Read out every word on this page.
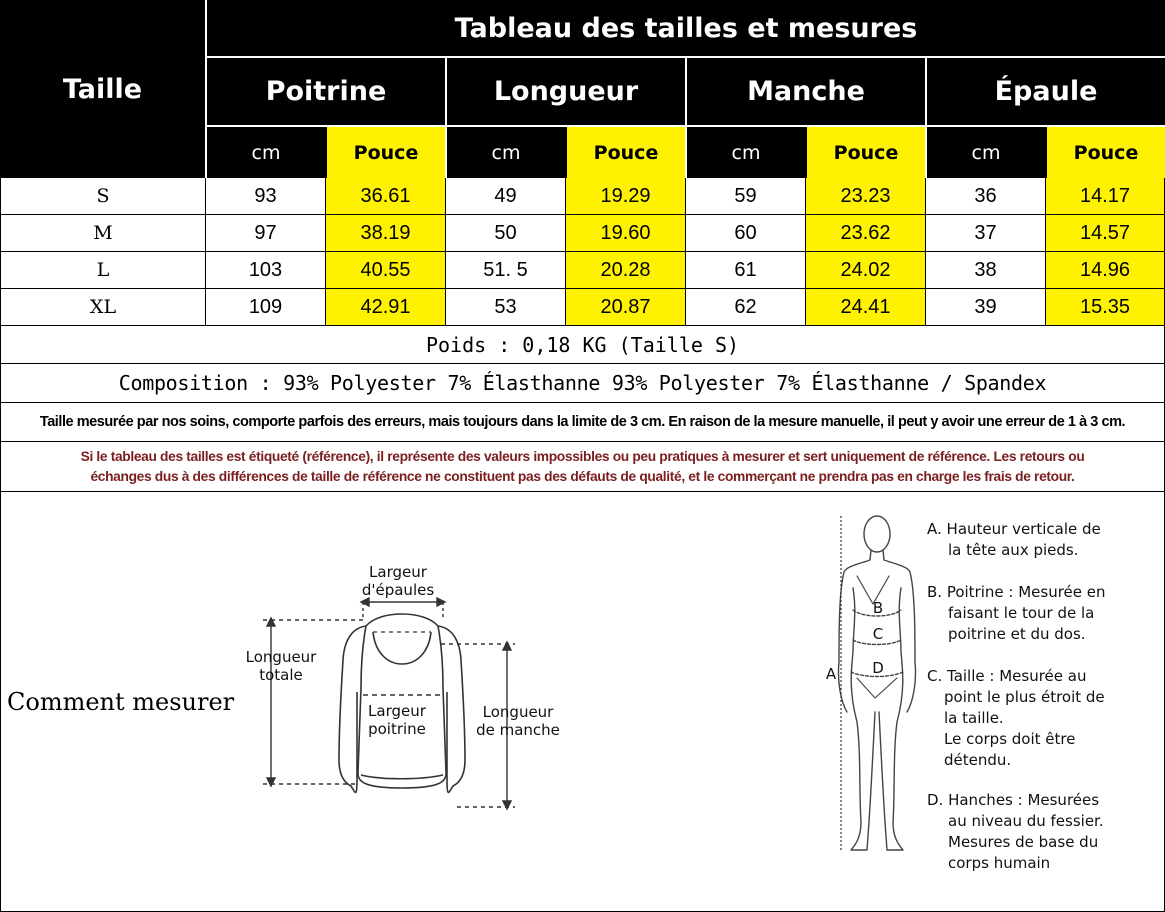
Taille
Tableau des tailles et mesures
Poitrine	Longueur	Manche	Épaule
cm	Pouce	cm	Pouce	cm	Pouce	cm	Pouce
S	93	36.61	49	19.29	59	23.23	36	14.17
M	97	38.19	50	19.60	60	23.62	37	14.57
L	103	40.55	51. 5	20.28	61	24.02	38	14.96
XL	109	42.91	53	20.87	62	24.41	39	15.35
Poids : 0,18 KG (Taille S)
Composition : 93% Polyester 7% Élasthanne 93% Polyester 7% Élasthanne / Spandex
Taille mesurée par nos soins, comporte parfois des erreurs, mais toujours dans la limite de 3 cm. En raison de la mesure manuelle, il peut y avoir une erreur de 1 à 3 cm.
Si le tableau des tailles est étiqueté (référence), il représente des valeurs impossibles ou peu pratiques à mesurer et sert uniquement de référence. Les retours ou
échanges dus à des différences de taille de référence ne constituent pas des défauts de qualité, et le commerçant ne prendra pas en charge les frais de retour.
Comment mesurer
Largeur
d'épaules
Longueur
totale
Largeur
poitrine
Longueur
de manche
A
B
C
D
A. Hauteur verticale de
la tête aux pieds.
B. Poitrine : Mesurée en
faisant le tour de la
poitrine et du dos.
C. Taille : Mesurée au
point le plus étroit de
la taille.
Le corps doit être
détendu.
D. Hanches : Mesurées
au niveau du fessier.
Mesures de base du
corps humain
